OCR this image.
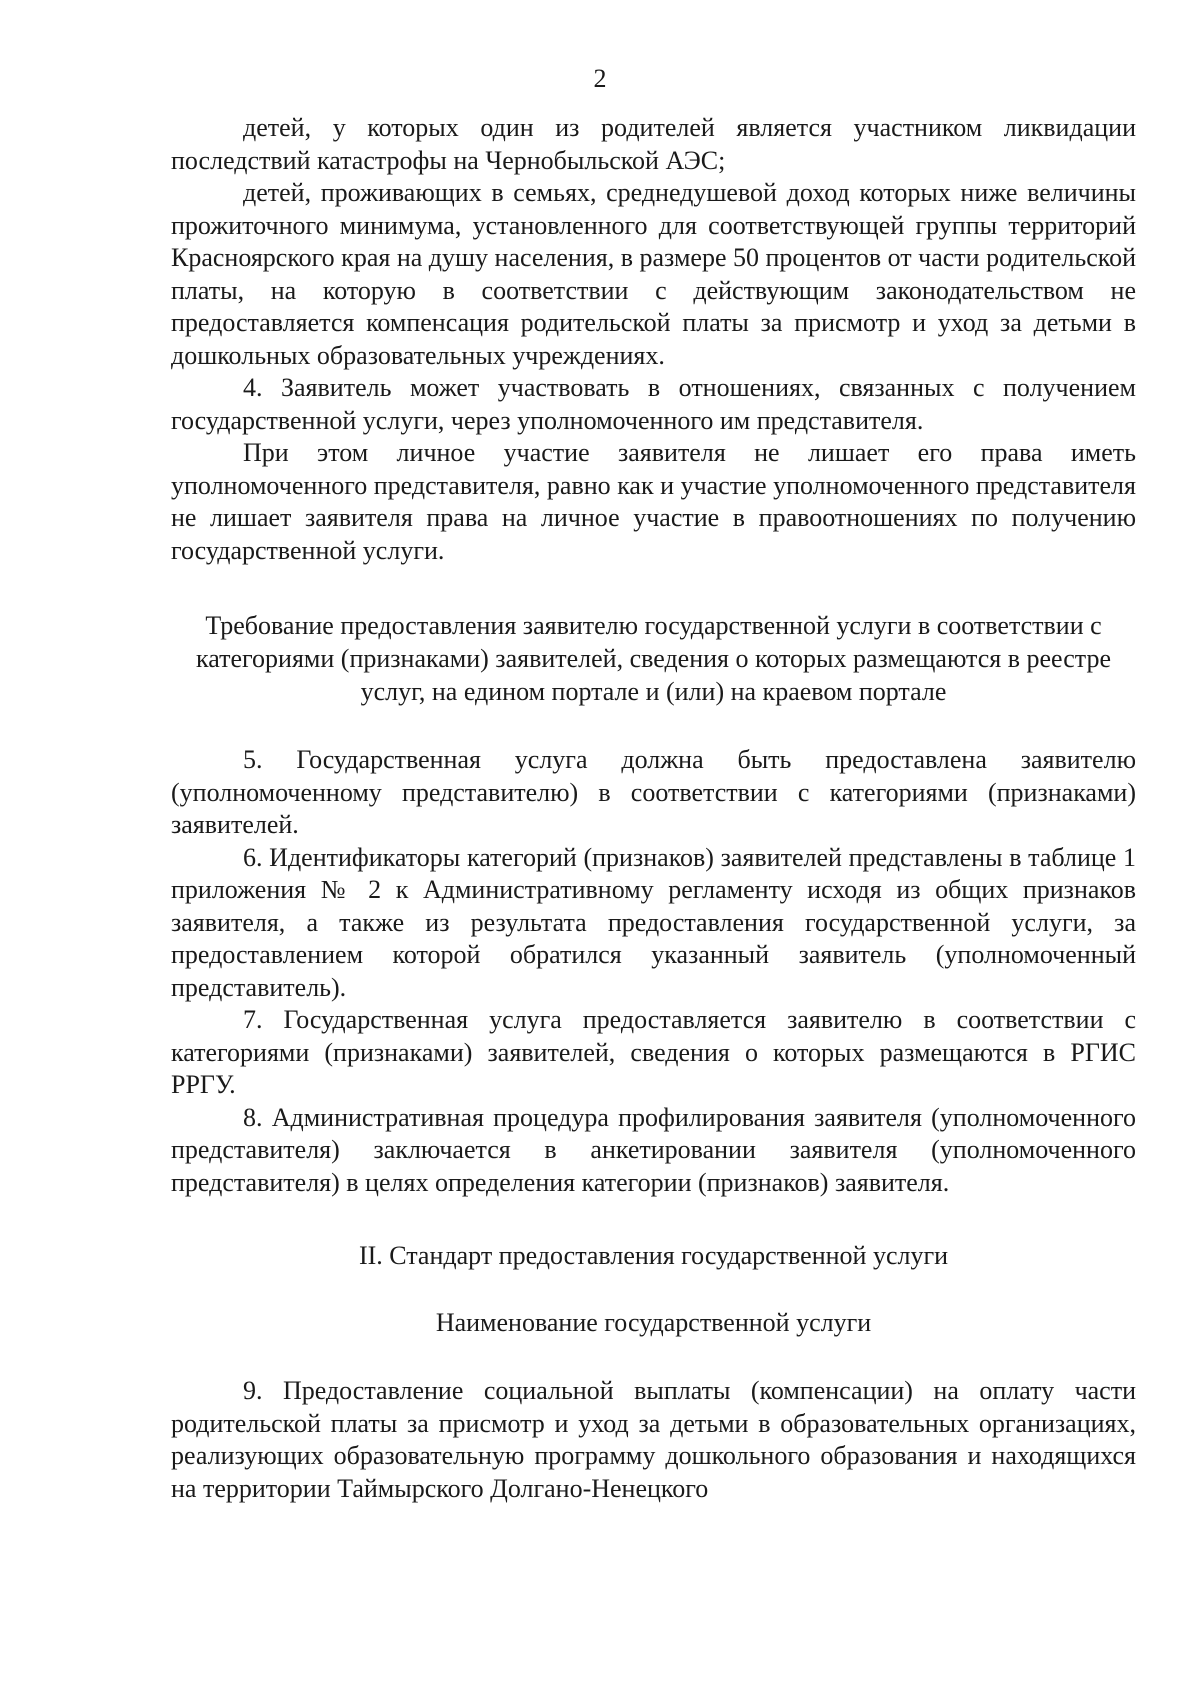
2

детей, у которых один из родителей является участником ликвидации последствий катастрофы на Чернобыльской АЭС;

детей, проживающих в семьях, среднедушевой доход которых ниже величины прожиточного минимума, установленного для соответствующей группы территорий Красноярского края на душу населения, в размере 50 процентов от части родительской платы, на которую в соответствии с действующим законодательством не предоставляется компенсация родительской платы за присмотр и уход за детьми в дошкольных образовательных учреждениях.

4. Заявитель может участвовать в отношениях, связанных с получением государственной услуги, через уполномоченного им представителя.

При этом личное участие заявителя не лишает его права иметь уполномоченного представителя, равно как и участие уполномоченного представителя не лишает заявителя права на личное участие в правоотношениях по получению государственной услуги.

Требование предоставления заявителю государственной услуги в соответствии с категориями (признаками) заявителей, сведения о которых размещаются в реестре услуг, на едином портале и (или) на краевом портале

5. Государственная услуга должна быть предоставлена заявителю (уполномоченному представителю) в соответствии с категориями (признаками) заявителей.

6. Идентификаторы категорий (признаков) заявителей представлены в таблице 1 приложения № 2 к Административному регламенту исходя из общих признаков заявителя, а также из результата предоставления государственной услуги, за предоставлением которой обратился указанный заявитель (уполномоченный представитель).

7. Государственная услуга предоставляется заявителю в соответствии с категориями (признаками) заявителей, сведения о которых размещаются в РГИС РРГУ.

8. Административная процедура профилирования заявителя (уполномоченного представителя) заключается в анкетировании заявителя (уполномоченного представителя) в целях определения категории (признаков) заявителя.

II. Стандарт предоставления государственной услуги

Наименование государственной услуги

9. Предоставление социальной выплаты (компенсации) на оплату части родительской платы за присмотр и уход за детьми в образовательных организациях, реализующих образовательную программу дошкольного образования и находящихся на территории Таймырского Долгано-Ненецкого
